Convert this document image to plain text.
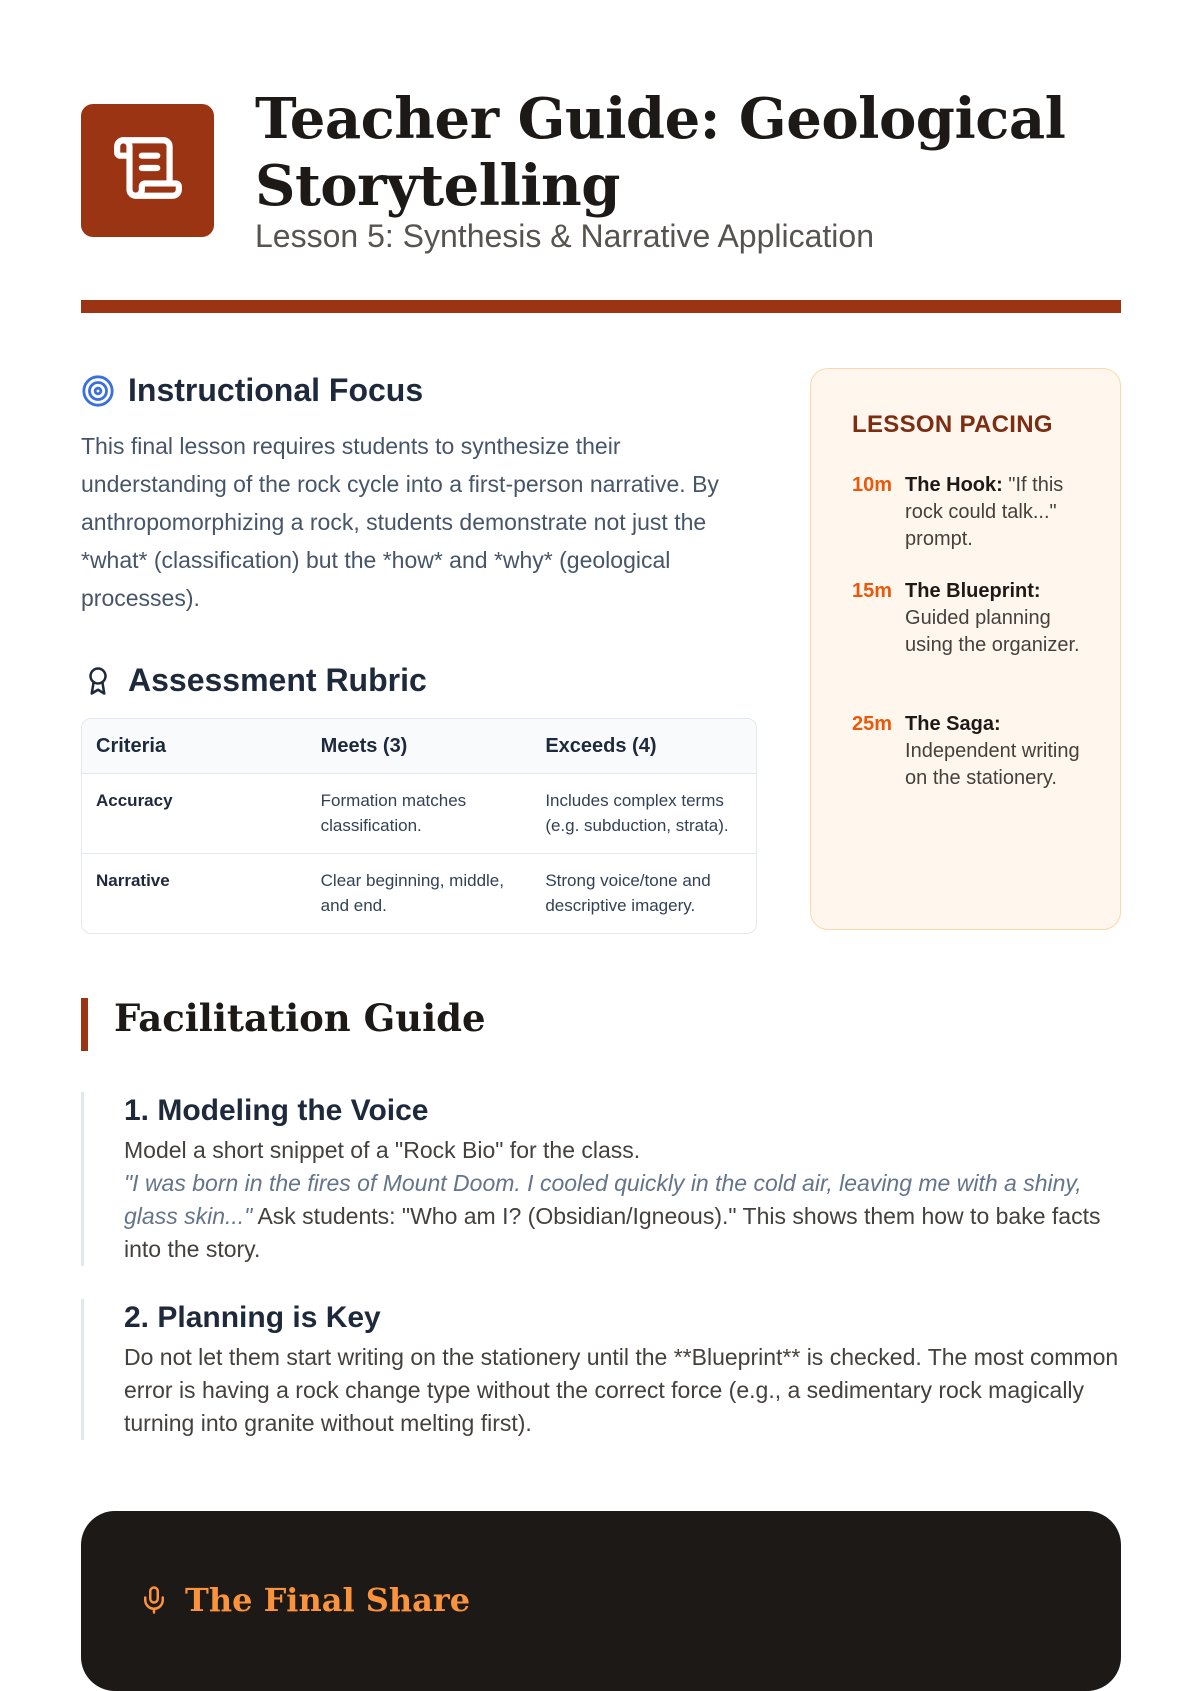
Teacher Guide: Geological Storytelling

Lesson 5: Synthesis & Narrative Application

Instructional Focus

This final lesson requires students to synthesize their understanding of the rock cycle into a first-person narrative. By anthropomorphizing a rock, students demonstrate not just the *what* (classification) but the *how* and *why* (geological processes).

Assessment Rubric
Criteria	Meets (3)	Exceeds (4)
Accuracy	Formation matches classification.	Includes complex terms (e.g. subduction, strata).
Narrative	Clear beginning, middle, and end.	Strong voice/tone and descriptive imagery.
LESSON PACING
10m The Hook: "If this rock could talk..." prompt.
15m The Blueprint: Guided planning using the organizer.
25m The Saga: Independent writing on the stationery.
Facilitation Guide
1. Modeling the Voice

Model a short snippet of a "Rock Bio" for the class.
"I was born in the fires of Mount Doom. I cooled quickly in the cold air, leaving me with a shiny, glass skin..." Ask students: "Who am I? (Obsidian/Igneous)." This shows them how to bake facts into the story.

2. Planning is Key

Do not let them start writing on the stationery until the **Blueprint** is checked. The most common error is having a rock change type without the correct force (e.g., a sedimentary rock magically turning into granite without melting first).

The Final Share
